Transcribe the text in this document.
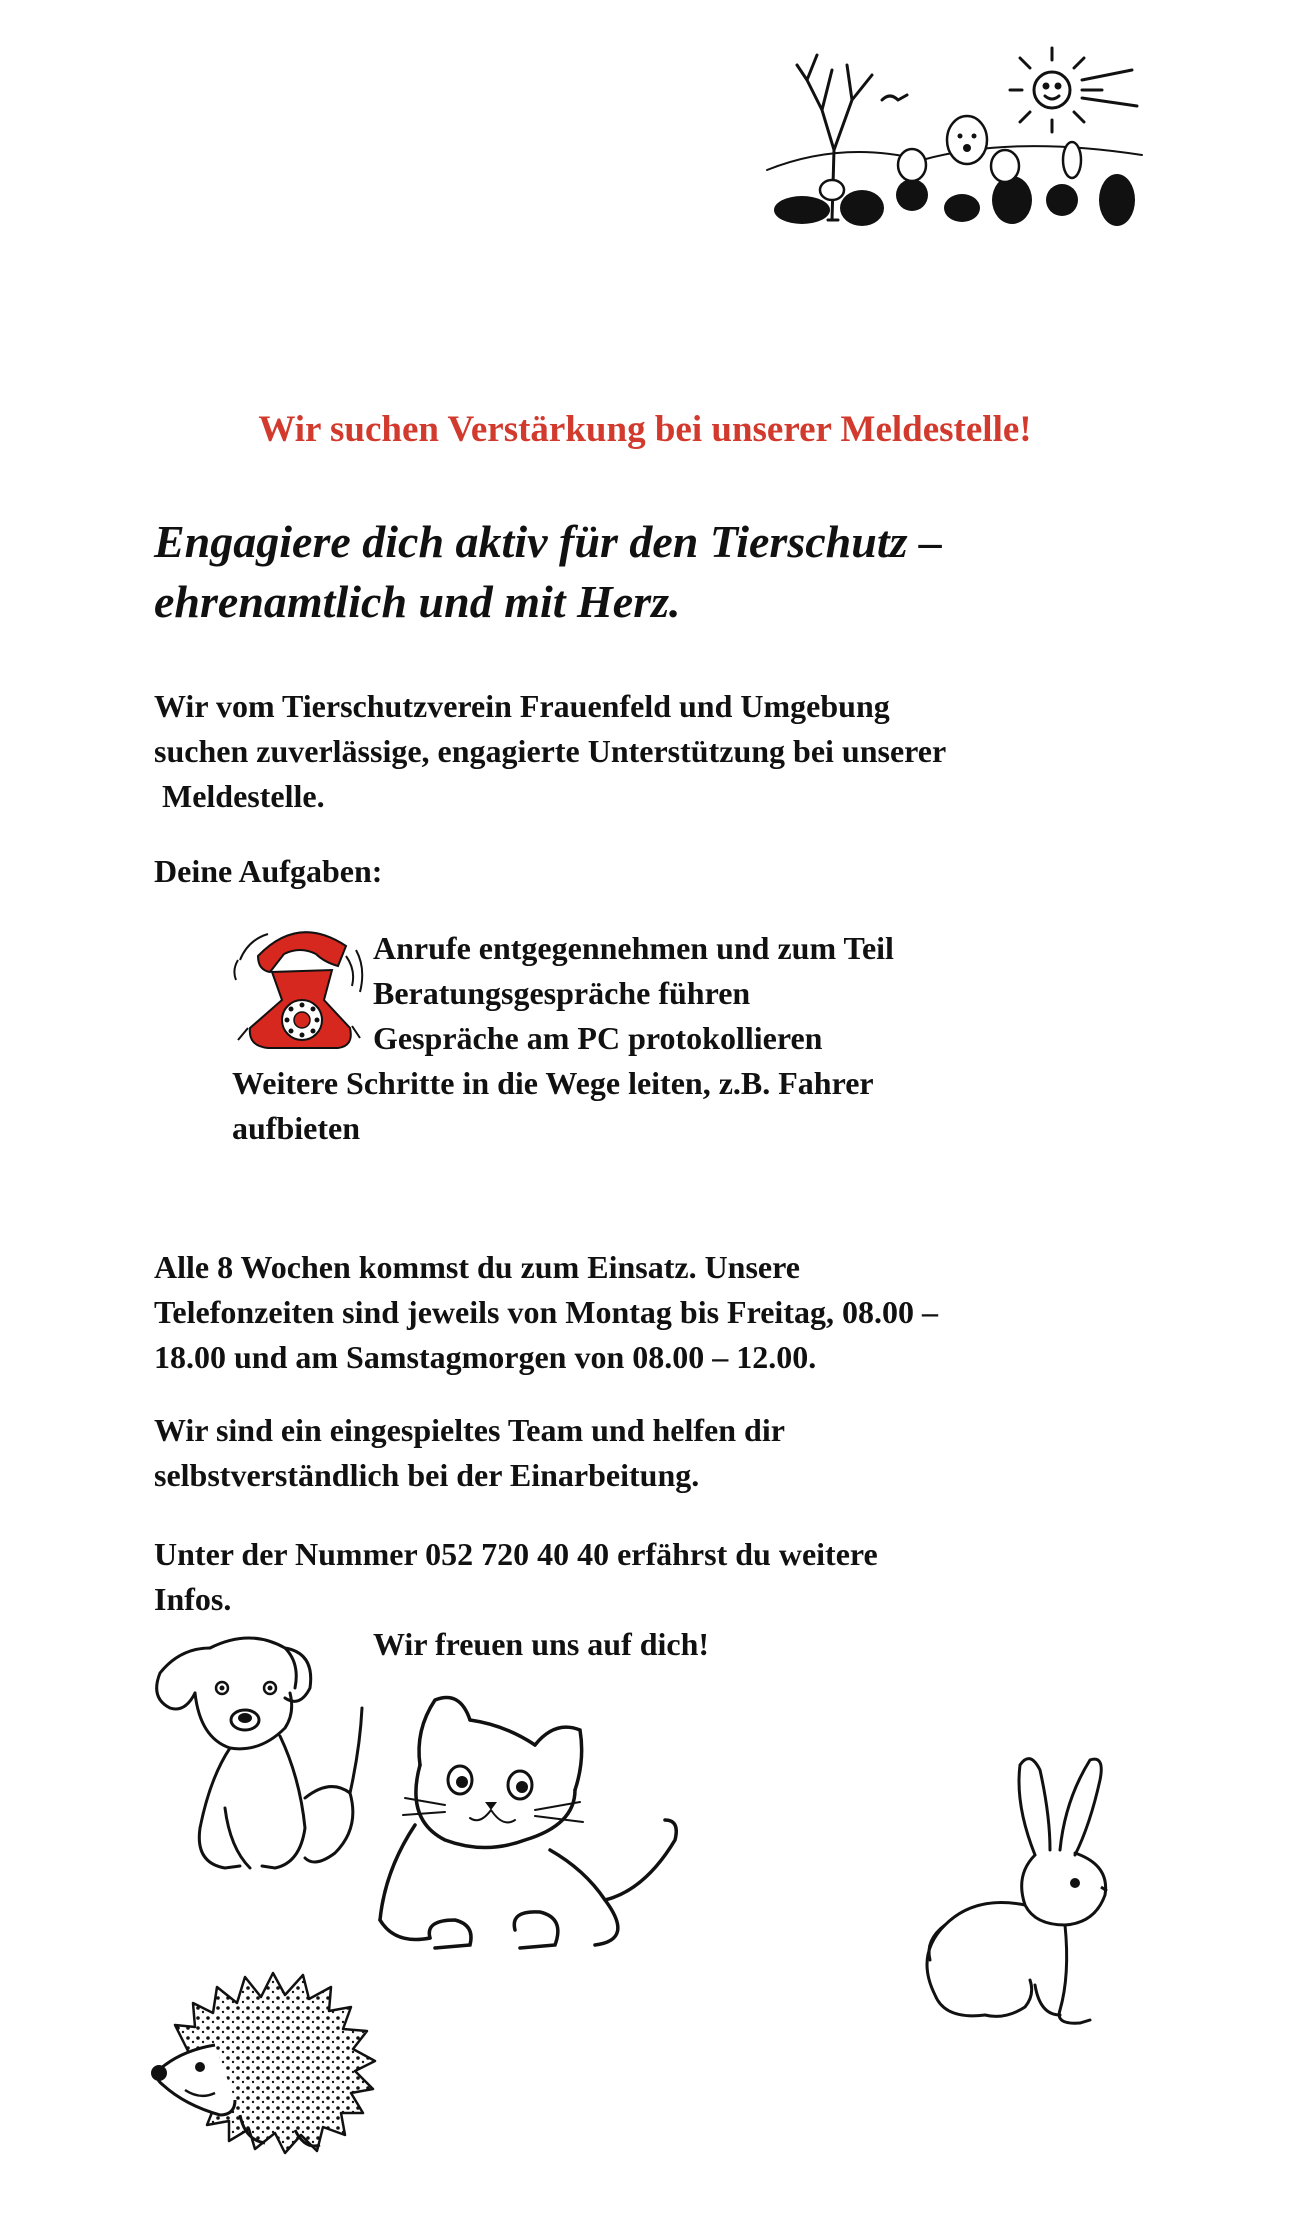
Wir suchen Verstärkung bei unserer Meldestelle!
Engagiere dich aktiv für den Tierschutz –
ehrenamtlich und mit Herz.
Wir vom Tierschutzverein Frauenfeld und Umgebung
suchen zuverlässige, engagierte Unterstützung bei unserer
Meldestelle.
Deine Aufgaben:
Anrufe entgegennehmen und zum Teil
Beratungsgespräche führen
Gespräche am PC protokollieren
Weitere Schritte in die Wege leiten, z.B. Fahrer
aufbieten
Alle 8 Wochen kommst du zum Einsatz. Unsere
Telefonzeiten sind jeweils von Montag bis Freitag, 08.00 –
18.00 und am Samstagmorgen von 08.00 – 12.00.
Wir sind ein eingespieltes Team und helfen dir
selbstverständlich bei der Einarbeitung.
Unter der Nummer 052 720 40 40 erfährst du weitere
Infos.
Wir freuen uns auf dich!
